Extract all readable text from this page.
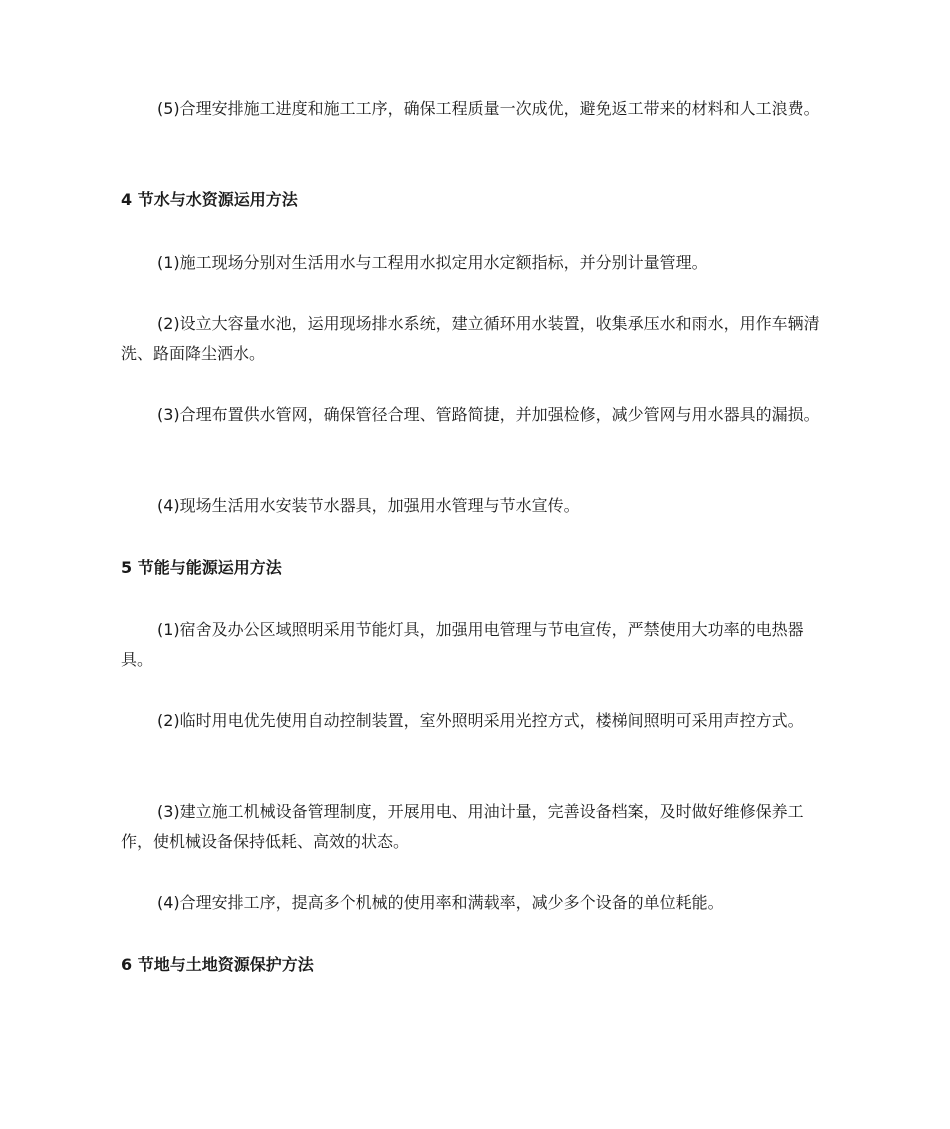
(5)合理安排施工进度和施工工序，确保工程质量一次成优，避免返工带来的材料和人工浪费。

4 节水与水资源运用方法

(1)施工现场分别对生活用水与工程用水拟定用水定额指标，并分别计量管理。

(2)设立大容量水池，运用现场排水系统，建立循环用水装置，收集承压水和雨水，用作车辆清洗、路面降尘洒水。

(3)合理布置供水管网，确保管径合理、管路简捷，并加强检修，减少管网与用水器具的漏损。

(4)现场生活用水安装节水器具，加强用水管理与节水宣传。

5 节能与能源运用方法

(1)宿舍及办公区域照明采用节能灯具，加强用电管理与节电宣传，严禁使用大功率的电热器具。

(2)临时用电优先使用自动控制装置，室外照明采用光控方式，楼梯间照明可采用声控方式。

(3)建立施工机械设备管理制度，开展用电、用油计量，完善设备档案，及时做好维修保养工作，使机械设备保持低耗、高效的状态。

(4)合理安排工序，提高多个机械的使用率和满载率，减少多个设备的单位耗能。

6 节地与土地资源保护方法
